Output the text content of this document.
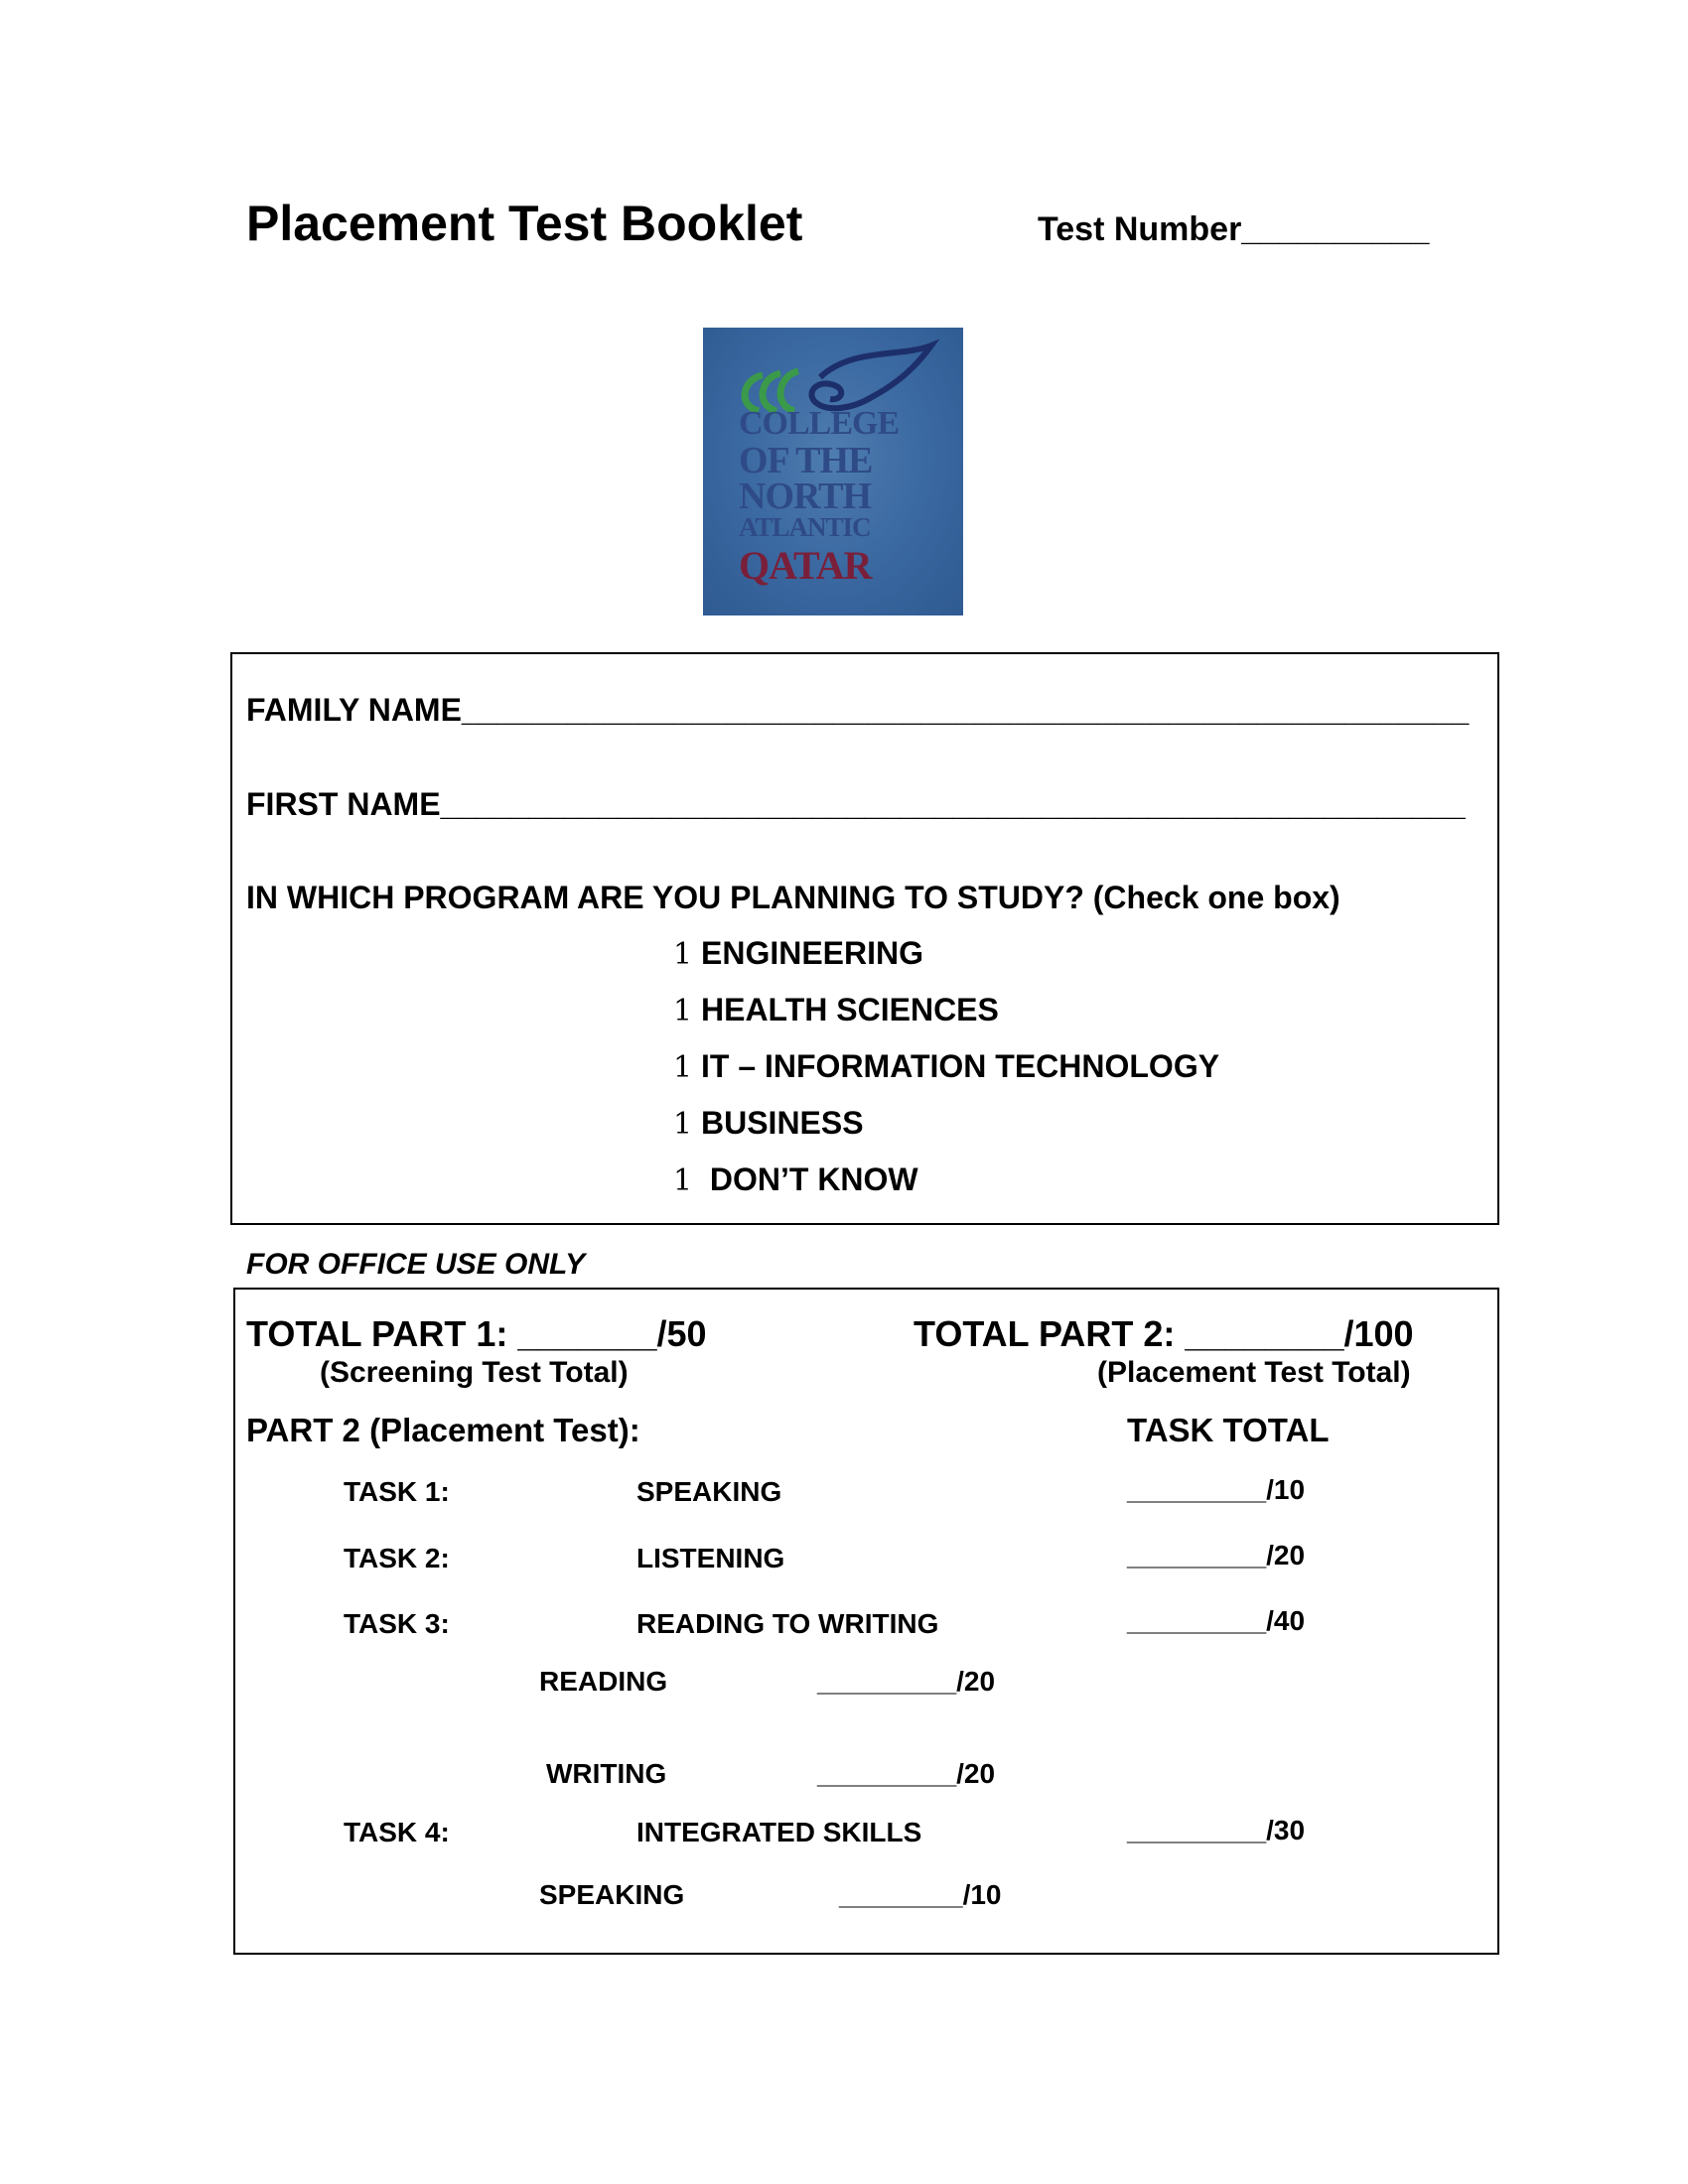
Placement Test Booklet	Test Number__________
COLLEGE
OF THE
NORTH
ATLANTIC
QATAR
FAMILY NAME_________________________________________________________
FIRST NAME__________________________________________________________
IN WHICH PROGRAM ARE YOU PLANNING TO STUDY? (Check one box)
1 ENGINEERING
1 HEALTH SCIENCES
1 IT – INFORMATION TECHNOLOGY
1 BUSINESS
1  DON’T KNOW
FOR OFFICE USE ONLY
TOTAL PART 1: _______/50
(Screening Test Total)
TOTAL PART 2: ________/100
(Placement Test Total)
PART 2 (Placement Test):	TASK TOTAL
TASK 1:	SPEAKING	_________/10
TASK 2:	LISTENING	_________/20
TASK 3:	READING TO WRITING	_________/40
READING	_________/20
WRITING	_________/20
TASK 4:	INTEGRATED SKILLS	_________/30
SPEAKING	________/10
